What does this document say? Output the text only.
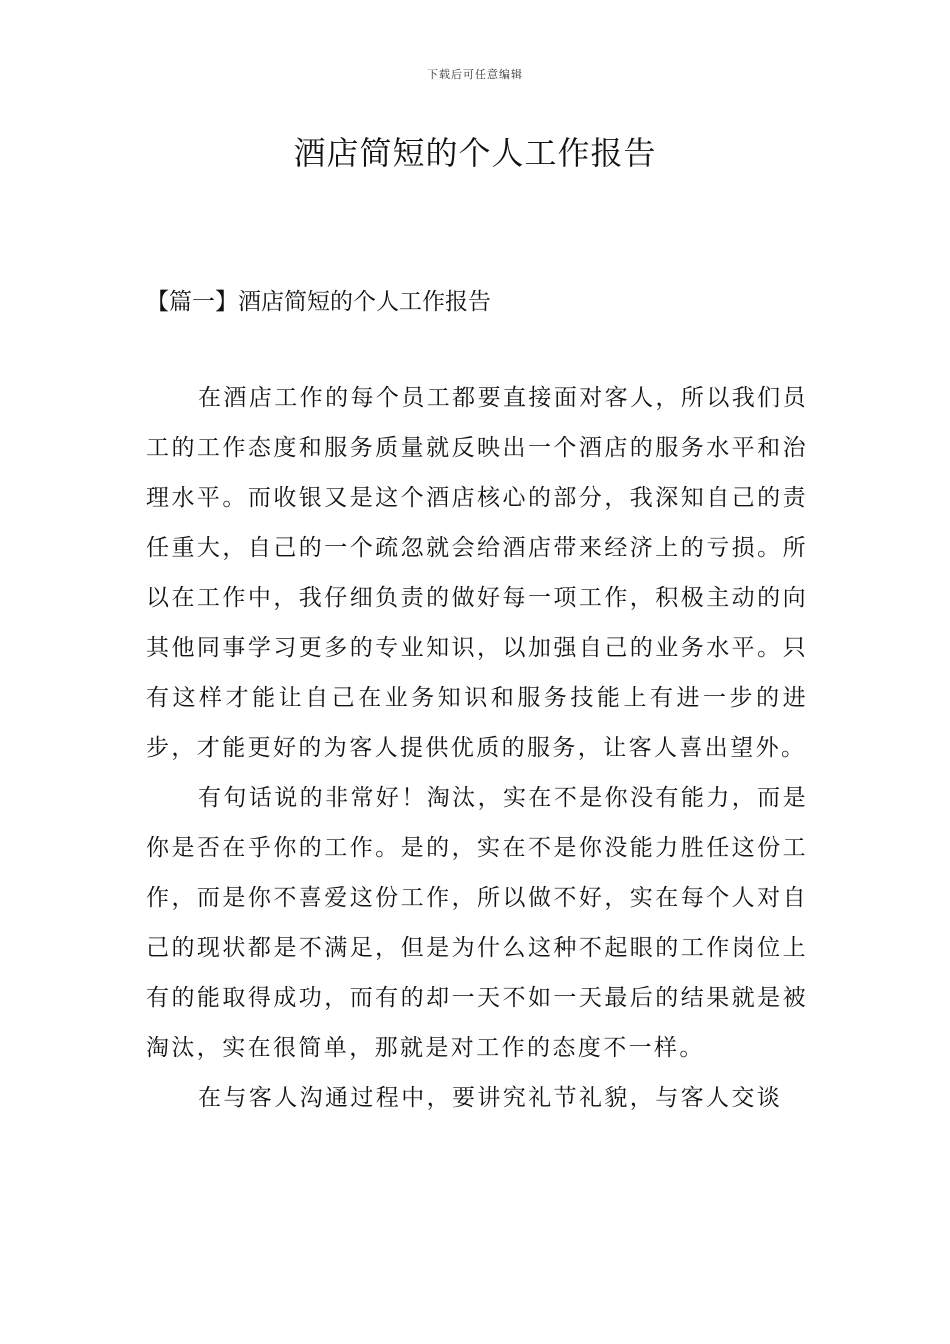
下载后可任意编辑
酒店简短的个人工作报告
【篇一】酒店简短的个人工作报告

在酒店工作的每个员工都要直接面对客人，所以我们员工的工作态度和服务质量就反映出一个酒店的服务水平和治理水平。而收银又是这个酒店核心的部分，我深知自己的责任重大，自己的一个疏忽就会给酒店带来经济上的亏损。所以在工作中，我仔细负责的做好每一项工作，积极主动的向其他同事学习更多的专业知识，以加强自己的业务水平。只有这样才能让自己在业务知识和服务技能上有进一步的进步，才能更好的为客人提供优质的服务，让客人喜出望外。

有句话说的非常好！淘汰，实在不是你没有能力，而是你是否在乎你的工作。是的，实在不是你没能力胜任这份工作，而是你不喜爱这份工作，所以做不好，实在每个人对自己的现状都是不满足，但是为什么这种不起眼的工作岗位上有的能取得成功，而有的却一天不如一天最后的结果就是被淘汰，实在很简单，那就是对工作的态度不一样。

在与客人沟通过程中，要讲究礼节礼貌，与客人交谈
